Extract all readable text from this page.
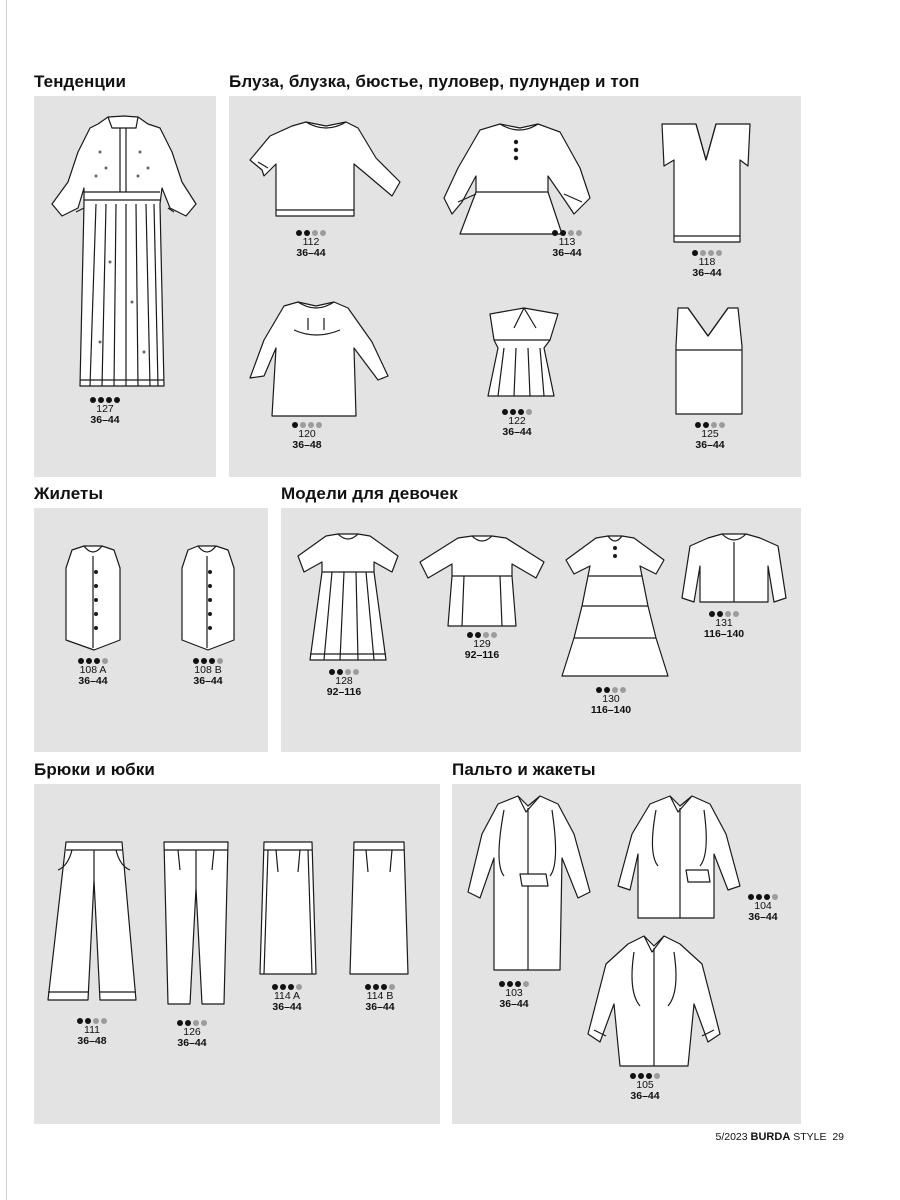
Тенденции	Блуза, блузка, бюстье, пуловер, пулундер и топ
Жилеты	Модели для девочек
Брюки и юбки	Пальто и жакеты
127
36–44
112
36–44
113
36–44
118
36–44
120
36–48
122
36–44	125
36–44
108 A
36–44
108 B
36–44	128
92–116
129
92–116
130
116–140
131
116–140
111
36–48
126
36–44
114 A
36–44
114 B
36–44
103
36–44
104
36–44
105
36–44
5/2023 BURDA STYLE 29
